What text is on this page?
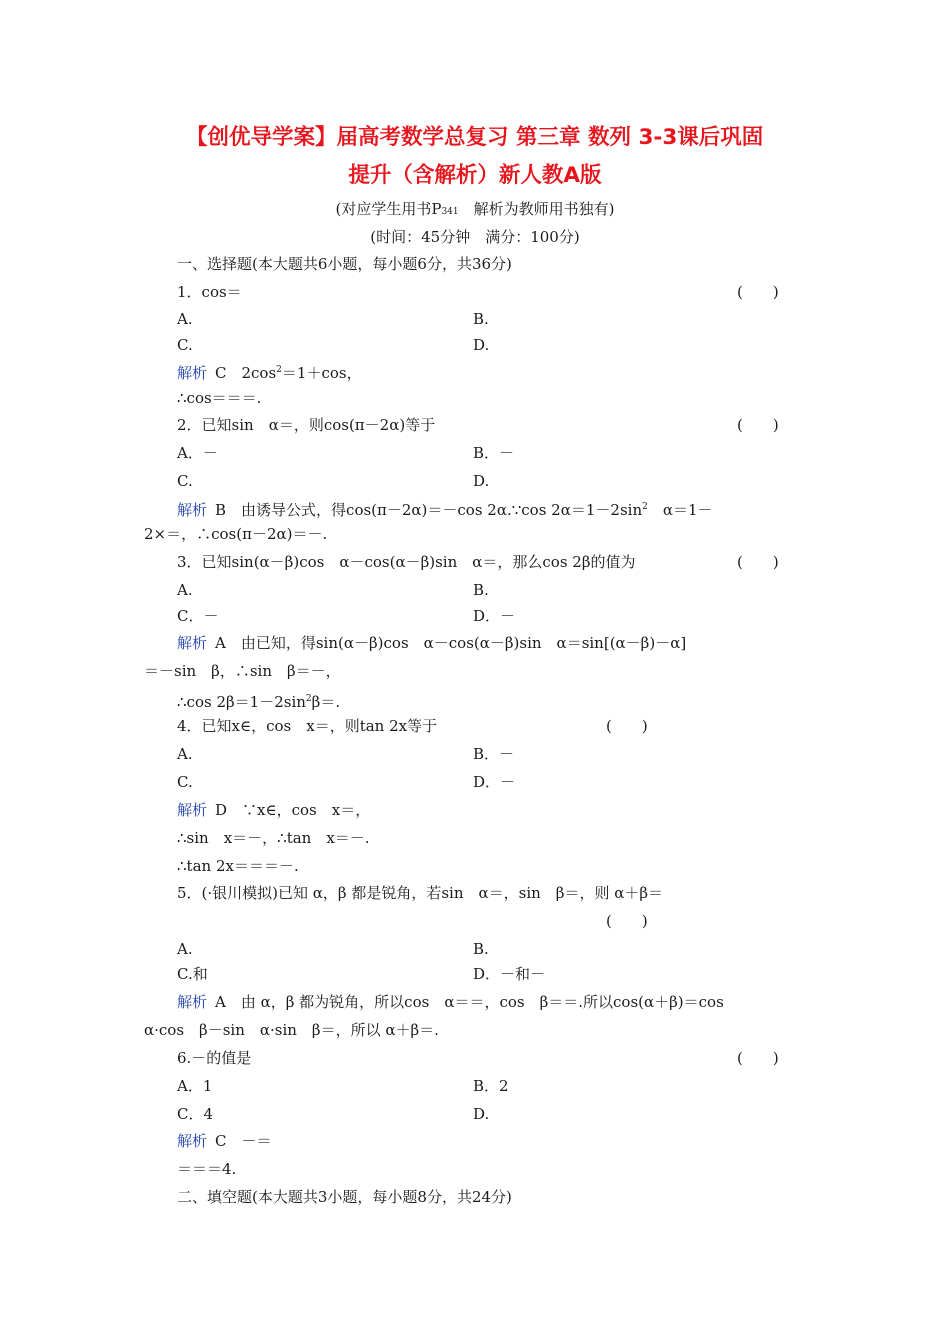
【创优导学案】届高考数学总复习 第三章 数列 3-3课后巩固
提升（含解析）新人教A版
(对应学生用书P341　解析为教师用书独有)
(时间：45分钟　满分：100分)
一、选择题(本大题共6小题，每小题6分，共36分)
1．cos＝	(　　)
A.	B.
C.	D.
解析 C　$2\cos^2=1+\cos$，
∴cos＝＝＝.
2．已知sin　α＝，则cos(π－2α)等于	(　　)
A．－	B．－
C.	D.
解析 B　由诱导公式，得cos(π－2α)＝－cos 2α.∵cos $2\alpha=1-2\sin^2$　α＝1－
2×＝，∴cos(π－2α)＝－.
3．已知sin(α－β)cos　α－cos(α－β)sin　α＝，那么cos 2β的值为	(　　)
A.	B.
C．－	D．－
解析 A　由已知，得sin(α－β)cos　α－cos(α－β)sin　α＝sin[(α－β)－α]
＝－sin　β，∴sin　β＝－，
∴cos $2\beta=1-2\sin^2\beta=$.
4．已知x∈，cos　x＝，则tan 2x等于	(　　)
A.	B．－
C.	D．－
解析 D　∵x∈，cos　x＝，
∴sin　x＝－，∴tan　x＝－.
∴tan 2x＝＝＝－.
5．(·银川模拟)已知 α，β 都是锐角，若sin　α＝，sin　β＝，则 α＋β＝
(　　)
A.	B.
C.和	D．－和－
解析 A　由 α，β 都为锐角，所以cos　α＝＝，cos　β＝＝.所以cos(α＋β)＝cos
α·cos　β－sin　α·sin　β＝，所以 α＋β＝.
6.－的值是	(　　)
A．1	B．2
C．4	D.
解析 C　－＝
＝＝＝4.
二、填空题(本大题共3小题，每小题8分，共24分)
